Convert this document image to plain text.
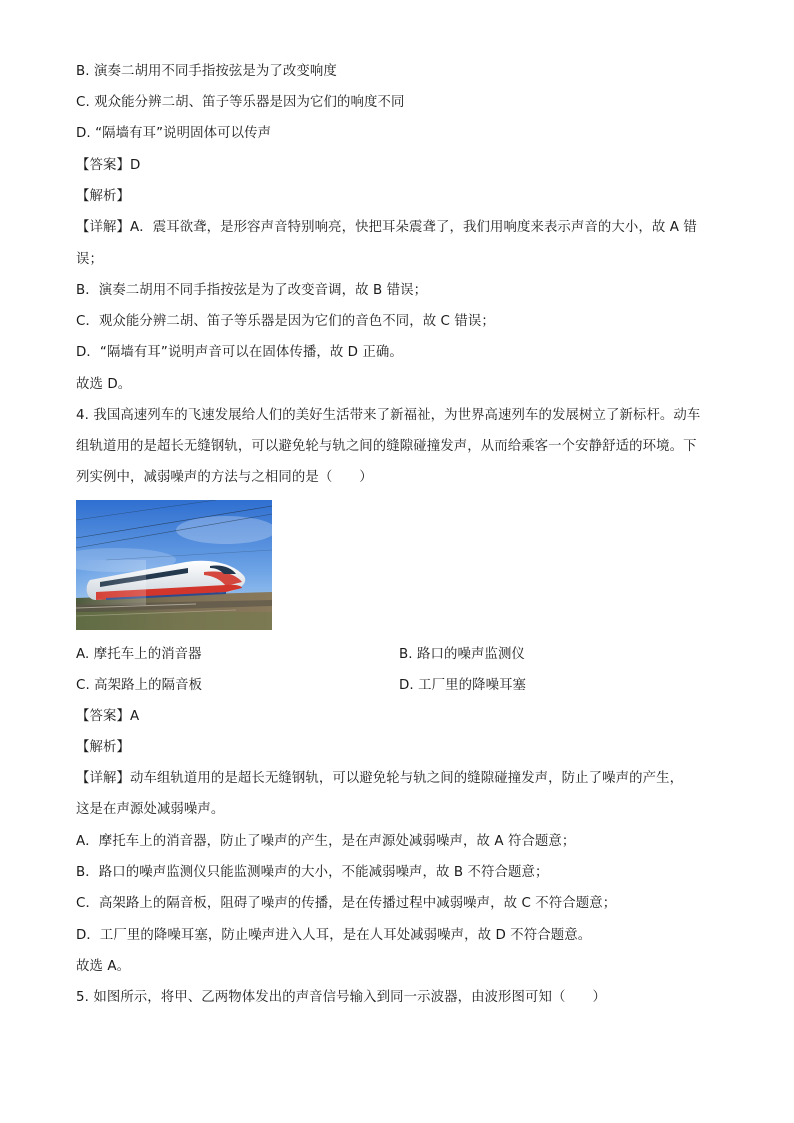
B. 演奏二胡用不同手指按弦是为了改变响度
C. 观众能分辨二胡、笛子等乐器是因为它们的响度不同
D. “隔墙有耳”说明固体可以传声
【答案】D
【解析】
【详解】A．震耳欲聋，是形容声音特别响亮，快把耳朵震聋了，我们用响度来表示声音的大小，故 A 错
误；
B．演奏二胡用不同手指按弦是为了改变音调，故 B 错误；
C．观众能分辨二胡、笛子等乐器是因为它们的音色不同，故 C 错误；
D．“隔墙有耳”说明声音可以在固体传播，故 D 正确。
故选 D。
4. 我国高速列车的飞速发展给人们的美好生活带来了新福祉，为世界高速列车的发展树立了新标杆。动车
组轨道用的是超长无缝钢轨，可以避免轮与轨之间的缝隙碰撞发声，从而给乘客一个安静舒适的环境。下
列实例中，减弱噪声的方法与之相同的是（　　）
A. 摩托车上的消音器	B. 路口的噪声监测仪
C. 高架路上的隔音板	D. 工厂里的降噪耳塞
【答案】A
【解析】
【详解】动车组轨道用的是超长无缝钢轨，可以避免轮与轨之间的缝隙碰撞发声，防止了噪声的产生，
这是在声源处减弱噪声。
A．摩托车上的消音器，防止了噪声的产生，是在声源处减弱噪声，故 A 符合题意；
B．路口的噪声监测仪只能监测噪声的大小，不能减弱噪声，故 B 不符合题意；
C．高架路上的隔音板，阻碍了噪声的传播，是在传播过程中减弱噪声，故 C 不符合题意；
D．工厂里的降噪耳塞，防止噪声进入人耳，是在人耳处减弱噪声，故 D 不符合题意。
故选 A。
5. 如图所示，将甲、乙两物体发出的声音信号输入到同一示波器，由波形图可知（　　）
